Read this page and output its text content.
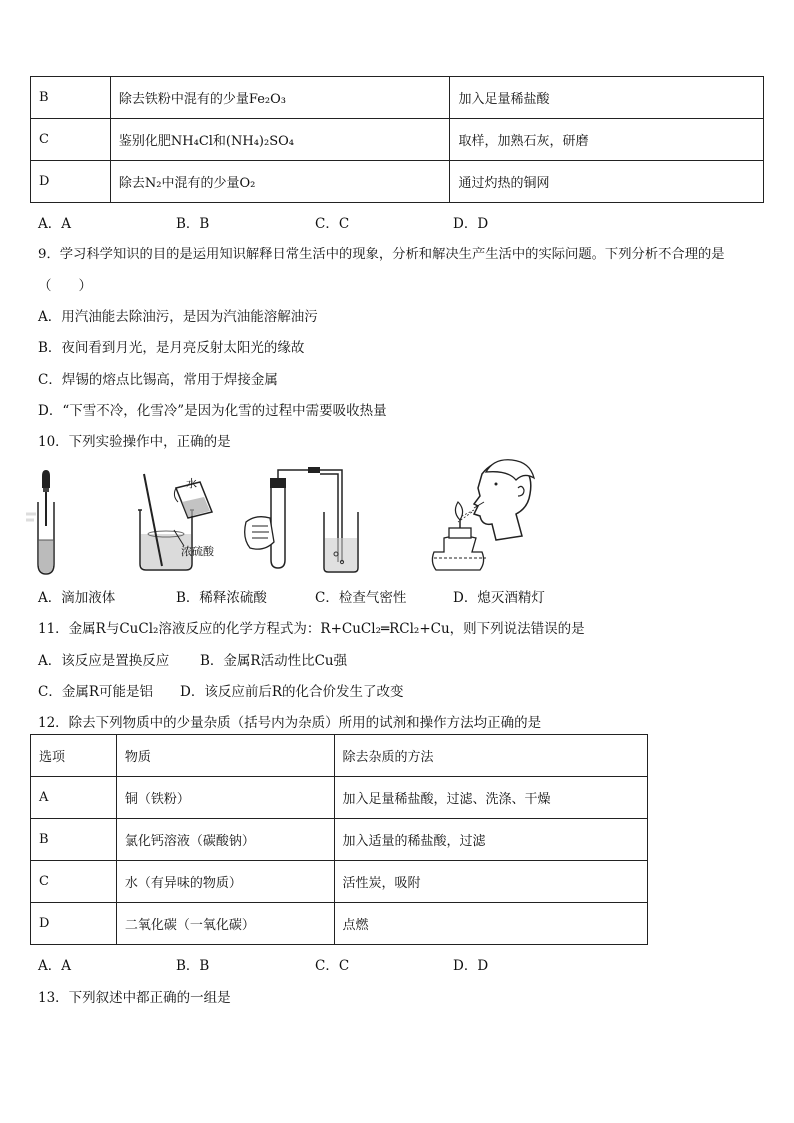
B	除去铁粉中混有的少量Fe₂O₃	加入足量稀盐酸
C	鉴别化肥NH₄Cl和(NH₄)₂SO₄	取样，加熟石灰，研磨
D	除去N₂中混有的少量O₂	通过灼热的铜网
A．A	B．B	C．C	D．D
9．学习科学知识的目的是运用知识解释日常生活中的现象，分析和解决生产生活中的实际问题。下列分析不合理的是
（　　）
A．用汽油能去除油污，是因为汽油能溶解油污
B．夜间看到月光，是月亮反射太阳光的缘故
C．焊锡的熔点比锡高，常用于焊接金属
D．“下雪不冷，化雪冷”是因为化雪的过程中需要吸收热量
10．下列实验操作中，正确的是
水
浓硫酸
A．滴加液体	B．稀释浓硫酸	C．检查气密性	D．熄灭酒精灯
11．金属R与CuCl₂溶液反应的化学方程式为：R+CuCl₂═RCl₂+Cu，则下列说法错误的是
A．该反应是置换反应 B．金属R活动性比Cu强
C．金属R可能是铝 D．该反应前后R的化合价发生了改变
12．除去下列物质中的少量杂质（括号内为杂质）所用的试剂和操作方法均正确的是
选项	物质	除去杂质的方法
A	铜（铁粉）	加入足量稀盐酸，过滤、洗涤、干燥
B	氯化钙溶液（碳酸钠）	加入适量的稀盐酸，过滤
C	水（有异味的物质）	活性炭，吸附
D	二氧化碳（一氧化碳）	点燃
A．A	B．B	C．C	D．D
13．下列叙述中都正确的一组是
